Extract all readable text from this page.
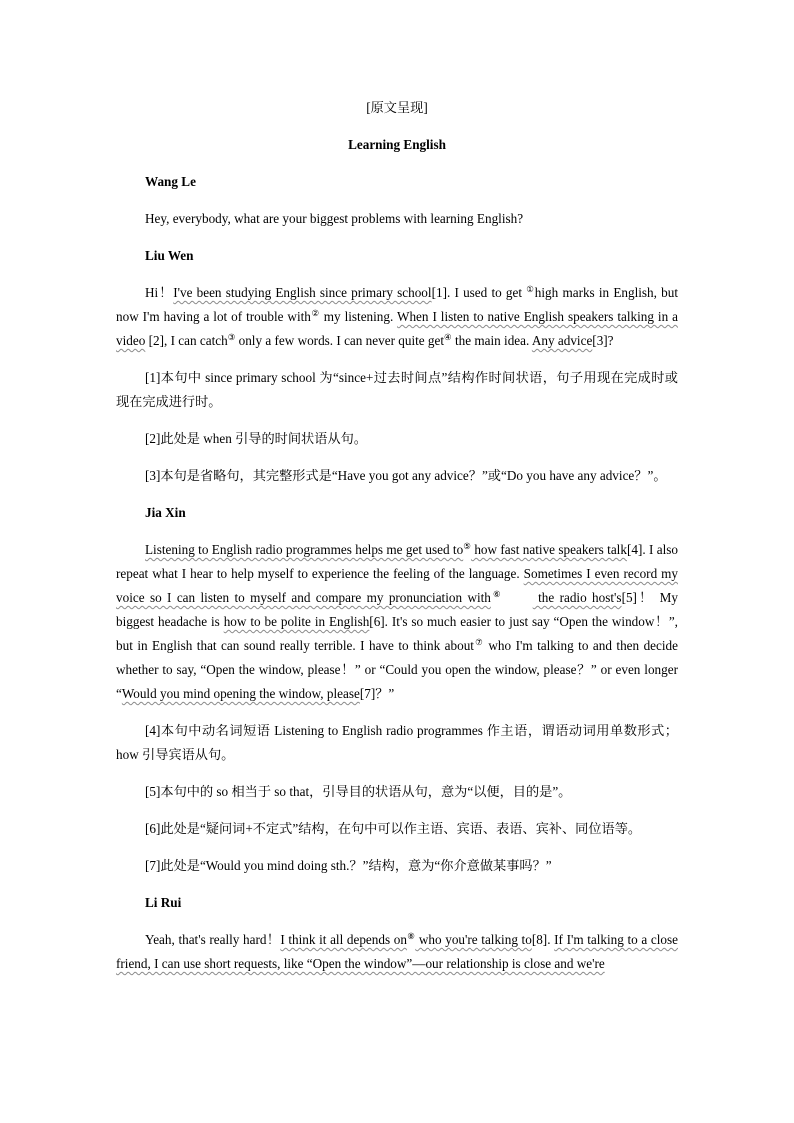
[原文呈现]

Learning English

Wang Le

Hey, everybody, what are your biggest problems with learning English?

Liu Wen

Hi！I've been studying English since primary school[1]. I used to get ①high marks in English, but now I'm having a lot of trouble with② my listening. When I listen to native English speakers talking in a video [2], I can catch③ only a few words. I can never quite get④ the main idea. Any advice[3]?

[1]本句中 since primary school 为“since+过去时间点”结构作时间状语，句子用现在完成时或现在完成进行时。

[2]此处是 when 引导的时间状语从句。

[3]本句是省略句，其完整形式是“Have you got any advice？”或“Do you have any advice？”。

Jia Xin

Listening to English radio programmes helps me get used to⑤ how fast native speakers talk[4]. I also repeat what I hear to help myself to experience the feeling of the language. Sometimes I even record my voice so I can listen to myself and compare my pronunciation with⑥ the radio host's[5]！ My biggest headache is how to be polite in English[6]. It's so much easier to just say “Open the window！”, but in English that can sound really terrible. I have to think about⑦ who I'm talking to and then decide whether to say, “Open the window, please！” or “Could you open the window, please？” or even longer “Would you mind opening the window, please[7]？”

[4]本句中动名词短语 Listening to English radio programmes 作主语，谓语动词用单数形式；how 引导宾语从句。

[5]本句中的 so 相当于 so that，引导目的状语从句，意为“以便，目的是”。

[6]此处是“疑问词+不定式”结构，在句中可以作主语、宾语、表语、宾补、同位语等。

[7]此处是“Would you mind doing sth.？”结构，意为“你介意做某事吗？”

Li Rui

Yeah, that's really hard！I think it all depends on⑧ who you're talking to[8]. If I'm talking to a close friend, I can use short requests, like “Open the window”—our relationship is close and we're
